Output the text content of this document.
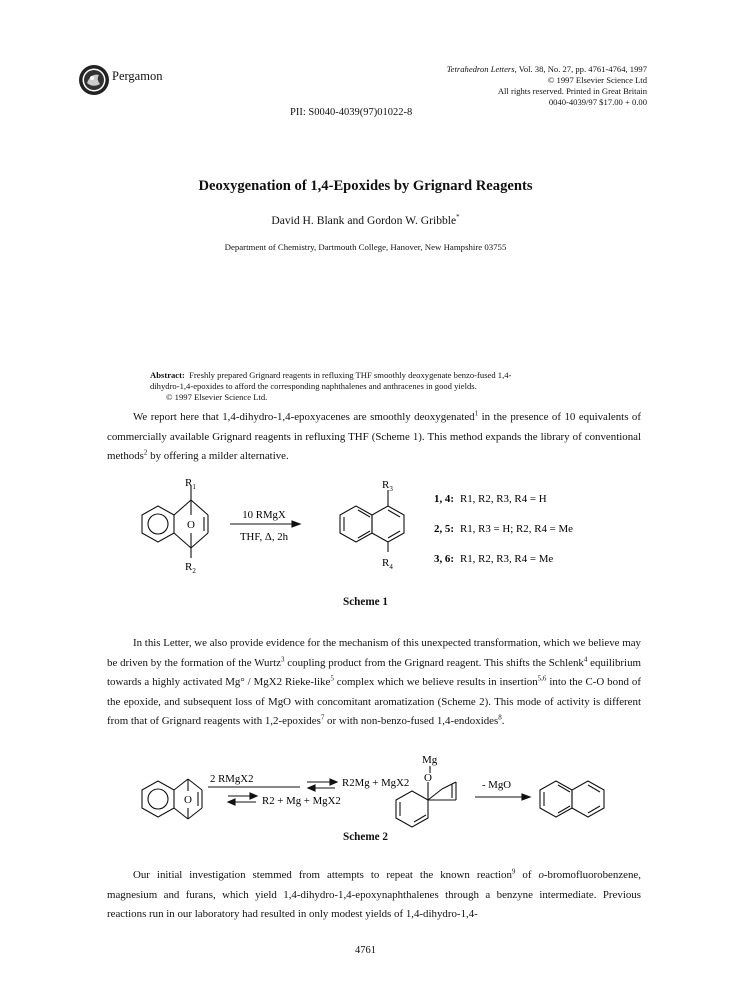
Pergamon	Tetrahedron Letters, Vol. 38, No. 27, pp. 4761-4764, 1997
© 1997 Elsevier Science Ltd
All rights reserved. Printed in Great Britain
0040-4039/97 $17.00 + 0.00
PII: S0040-4039(97)01022-8
Deoxygenation of 1,4-Epoxides by Grignard Reagents
David H. Blank and Gordon W. Gribble*
Department of Chemistry, Dartmouth College, Hanover, New Hampshire 03755
Abstract: Freshly prepared Grignard reagents in refluxing THF smoothly deoxygenate benzo-fused 1,4-
dihydro-1,4-epoxides to afford the corresponding naphthalenes and anthracenes in good yields.
© 1997 Elsevier Science Ltd.
We report here that 1,4-dihydro-1,4-epoxyacenes are smoothly deoxygenated$^1$ in the presence of 10 equivalents of commercially available Grignard reagents in refluxing THF (Scheme 1). This method expands the library of conventional methods$^2$ by offering a milder alternative.
O
$R_1$
$R_2$
$R_3$
$R_4$
10 RMgX
THF, Δ, 2h
1, 4: R1, R2, R3, R4 = H
2, 5: R1, R3 = H; R2, R4 = Me
3, 6: R1, R2, R3, R4 = Me
Scheme 1
In this Letter, we also provide evidence for the mechanism of this unexpected transformation, which we believe may be driven by the formation of the Wurtz$^3$ coupling product from the Grignard reagent. This shifts the Schlenk$^4$ equilibrium towards a highly activated Mg° / MgX2 Rieke-like$^5$ complex which we believe results in insertion$^{5,6}$ into the C-O bond of the epoxide, and subsequent loss of MgO with concomitant aromatization (Scheme 2). This mode of activity is different from that of Grignard reagents with 1,2-epoxides$^7$ or with non-benzo-fused 1,4-endoxides$^8$.
O
2 RMgX2	R2Mg + MgX2
R2 + Mg + MgX2
Mg
O
- MgO
Scheme 2
Our initial investigation stemmed from attempts to repeat the known reaction$^9$ of o-bromofluorobenzene, magnesium and furans, which yield 1,4-dihydro-1,4-epoxynaphthalenes through a benzyne intermediate. Previous reactions run in our laboratory had resulted in only modest yields of 1,4-dihydro-1,4-
4761
